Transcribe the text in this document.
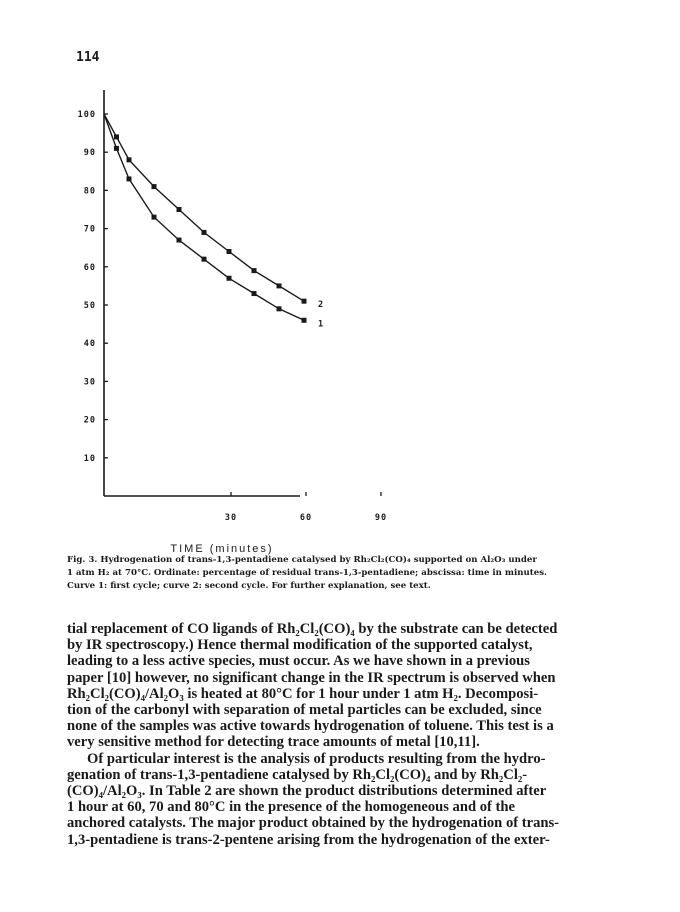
114
10
20
30
40
50
60
70
80
90
100
30	60	90
TIME (minutes)
1
2

Fig. 3. Hydrogenation of trans-1,3-pentadiene catalysed by Rh₂Cl₂(CO)₄ supported on Al₂O₃ under

1 atm H₂ at 70°C. Ordinate: percentage of residual trans-1,3-pentadiene; abscissa: time in minutes.

Curve 1: first cycle; curve 2: second cycle. For further explanation, see text.

tial replacement of CO ligands of Rh₂Cl₂(CO)₄ by the substrate can be detected

by IR spectroscopy.) Hence thermal modification of the supported catalyst,

leading to a less active species, must occur. As we have shown in a previous

paper [10] however, no significant change in the IR spectrum is observed when

Rh₂Cl₂(CO)₄/Al₂O₃ is heated at 80°C for 1 hour under 1 atm H₂. Decomposi-

tion of the carbonyl with separation of metal particles can be excluded, since

none of the samples was active towards hydrogenation of toluene. This test is a

very sensitive method for detecting trace amounts of metal [10,11].

Of particular interest is the analysis of products resulting from the hydro-

genation of trans-1,3-pentadiene catalysed by Rh₂Cl₂(CO)₄ and by Rh₂Cl₂-

(CO)₄/Al₂O₃. In Table 2 are shown the product distributions determined after

1 hour at 60, 70 and 80°C in the presence of the homogeneous and of the

anchored catalysts. The major product obtained by the hydrogenation of trans-

1,3-pentadiene is trans-2-pentene arising from the hydrogenation of the exter-
